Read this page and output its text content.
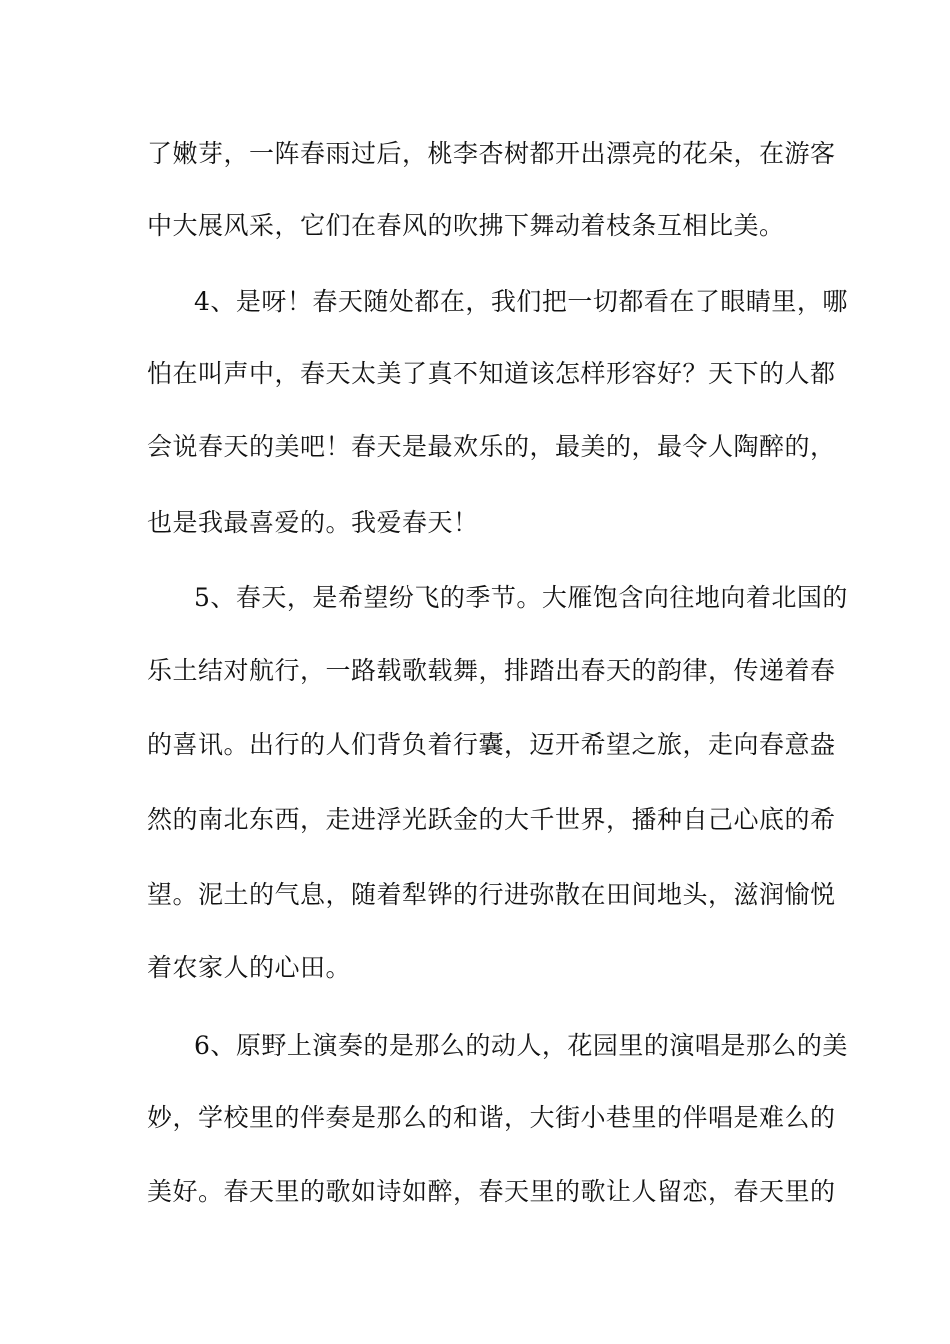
了嫩芽，一阵春雨过后，桃李杏树都开出漂亮的花朵，在游客
中大展风采，它们在春风的吹拂下舞动着枝条互相比美。
4、是呀！春天随处都在，我们把一切都看在了眼睛里，哪
怕在叫声中，春天太美了真不知道该怎样形容好？天下的人都
会说春天的美吧！春天是最欢乐的，最美的，最令人陶醉的，
也是我最喜爱的。我爱春天！
5、春天，是希望纷飞的季节。大雁饱含向往地向着北国的
乐土结对航行，一路载歌载舞，排踏出春天的韵律，传递着春
的喜讯。出行的人们背负着行囊，迈开希望之旅，走向春意盎
然的南北东西，走进浮光跃金的大千世界，播种自己心底的希
望。泥土的气息，随着犁铧的行进弥散在田间地头，滋润愉悦
着农家人的心田。
6、原野上演奏的是那么的动人，花园里的演唱是那么的美
妙，学校里的伴奏是那么的和谐，大街小巷里的伴唱是难么的
美好。春天里的歌如诗如醉，春天里的歌让人留恋，春天里的
